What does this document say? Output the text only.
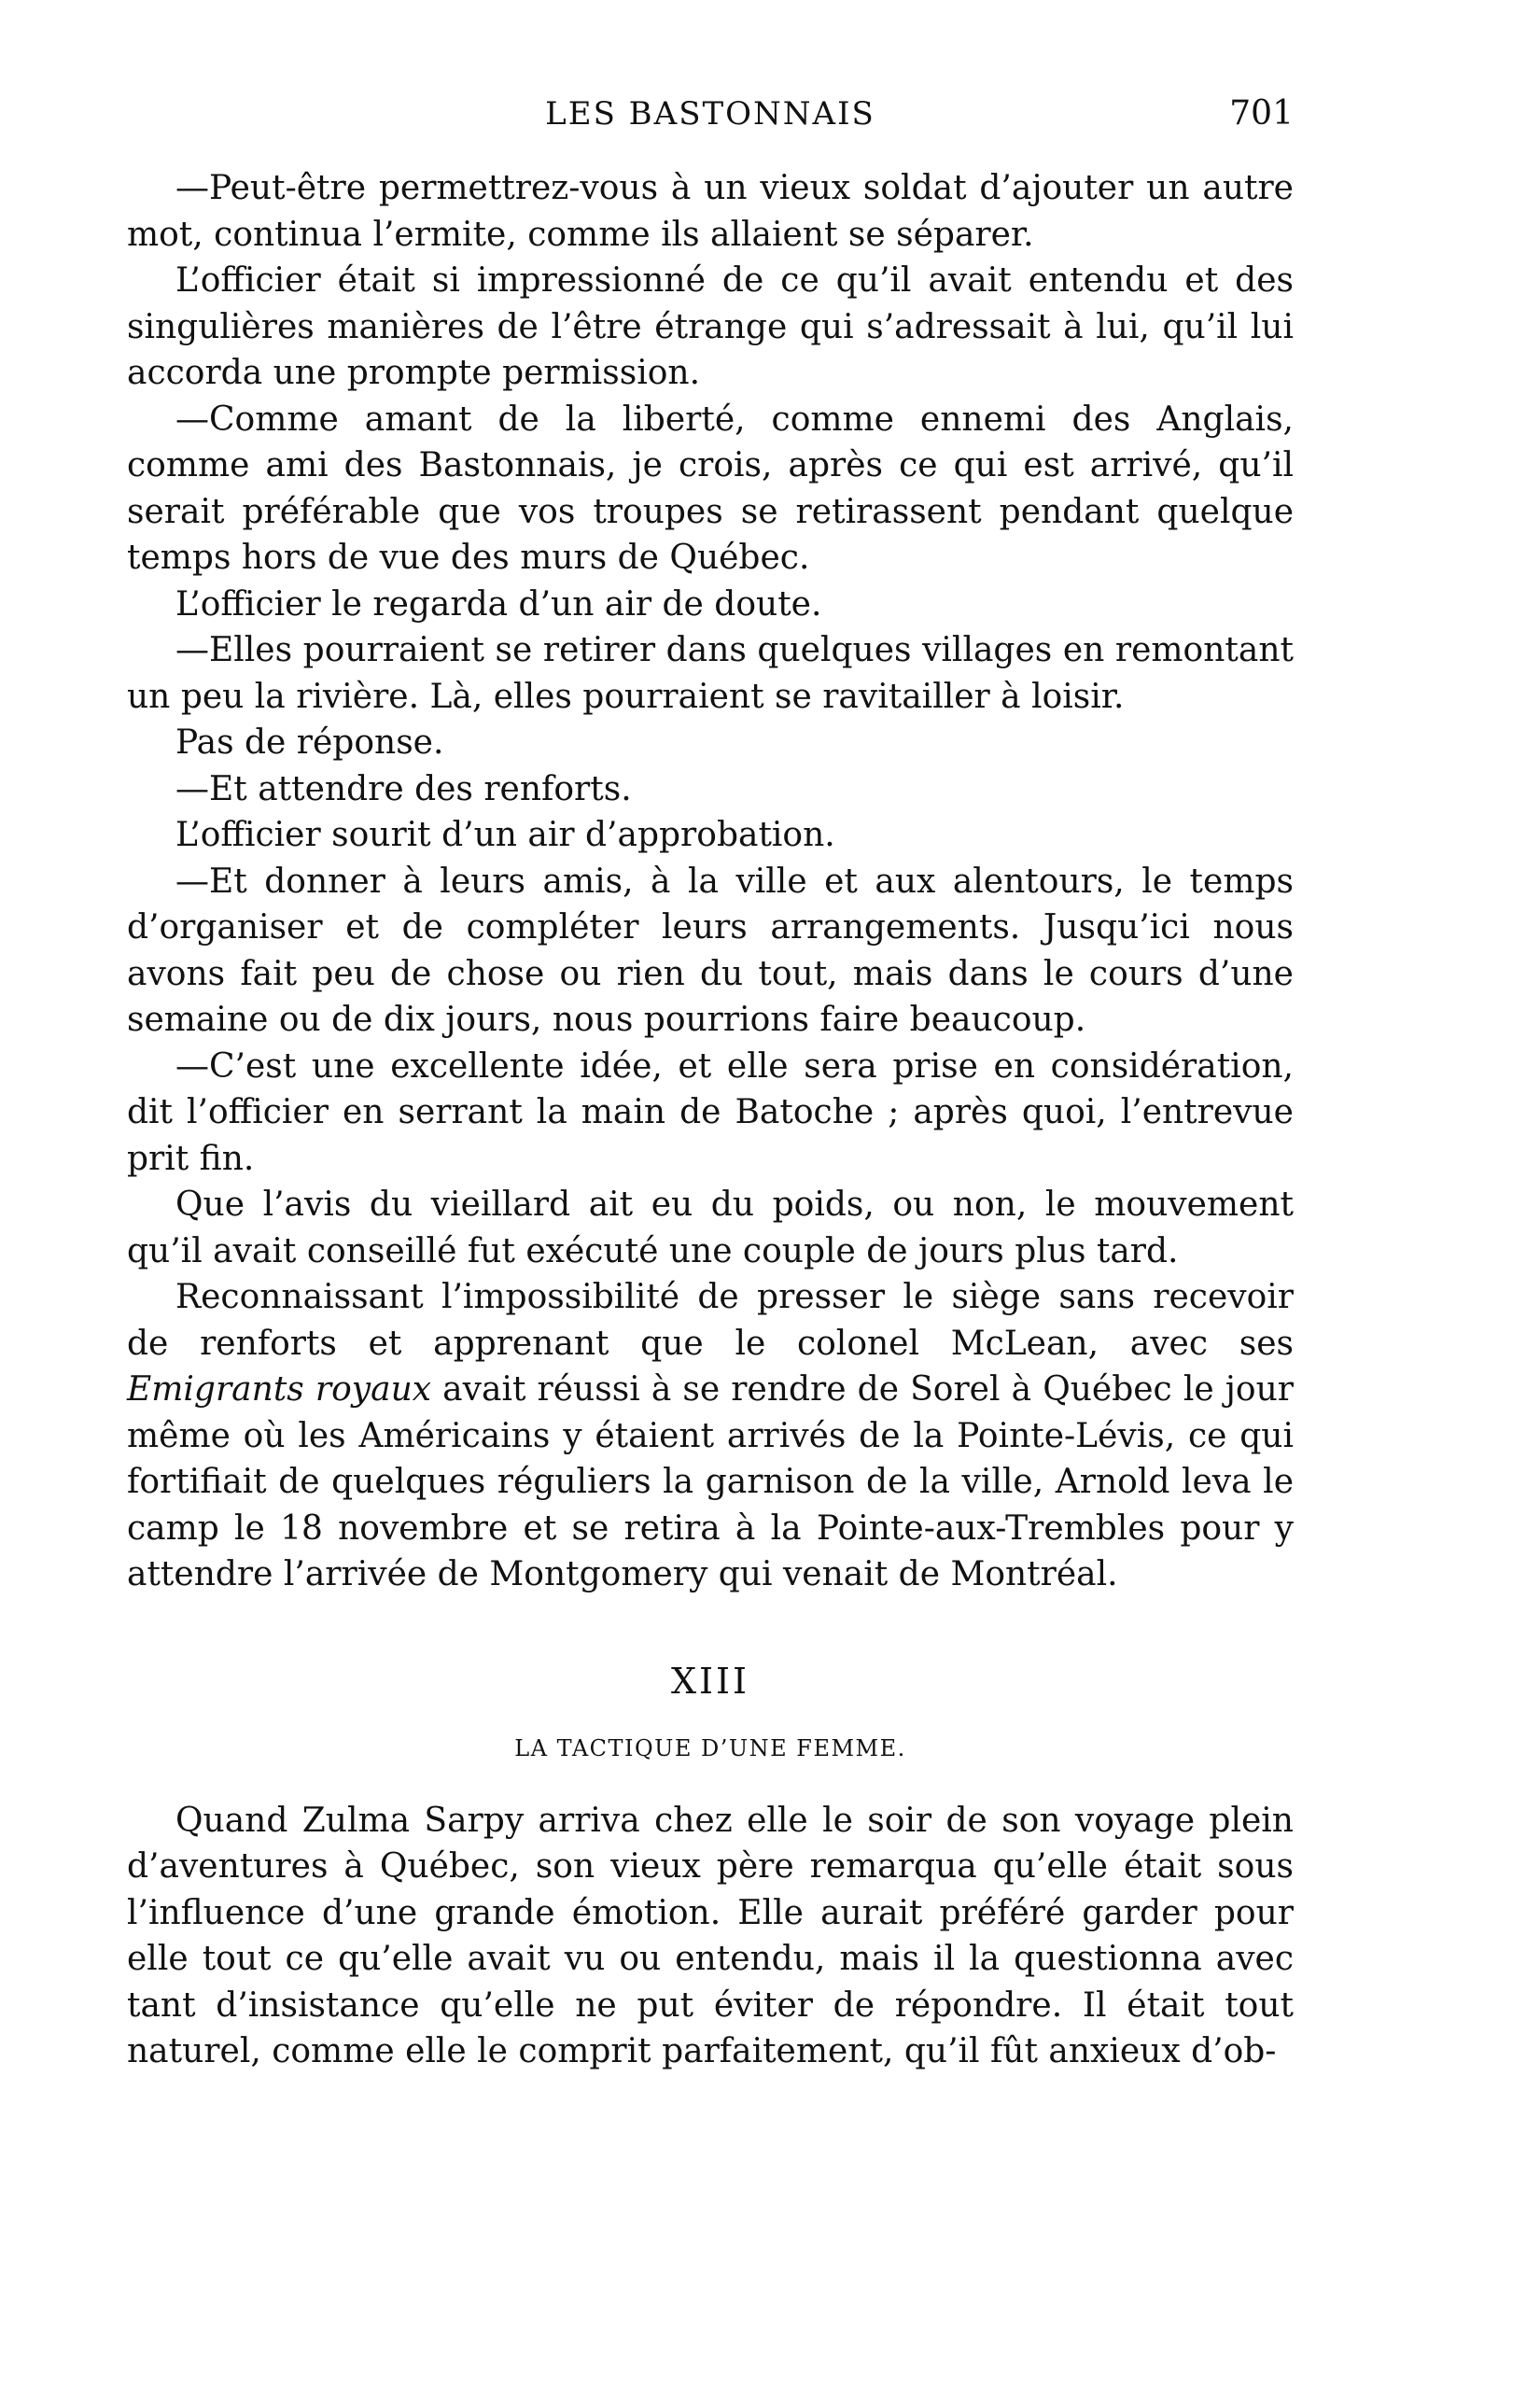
LES BASTONNAIS	701

—Peut-être permettrez-vous à un vieux soldat d’ajouter un autre mot, continua l’ermite, comme ils allaient se séparer.

L’officier était si impressionné de ce qu’il avait entendu et des singulières manières de l’être étrange qui s’adressait à lui, qu’il lui accorda une prompte permission.

—Comme amant de la liberté, comme ennemi des Anglais, comme ami des Bastonnais, je crois, après ce qui est arrivé, qu’il serait préférable que vos troupes se retirassent pendant quelque temps hors de vue des murs de Québec.

L’officier le regarda d’un air de doute.

—Elles pourraient se retirer dans quelques villages en remontant un peu la rivière. Là, elles pourraient se ravitailler à loisir.

Pas de réponse.

—Et attendre des renforts.

L’officier sourit d’un air d’approbation.

—Et donner à leurs amis, à la ville et aux alentours, le temps d’organiser et de compléter leurs arrangements. Jusqu’ici nous avons fait peu de chose ou rien du tout, mais dans le cours d’une semaine ou de dix jours, nous pourrions faire beaucoup.

—C’est une excellente idée, et elle sera prise en considération, dit l’officier en serrant la main de Batoche ; après quoi, l’entrevue prit fin.

Que l’avis du vieillard ait eu du poids, ou non, le mouvement qu’il avait conseillé fut exécuté une couple de jours plus tard.

Reconnaissant l’impossibilité de presser le siège sans recevoir de renforts et apprenant que le colonel McLean, avec ses Emigrants royaux avait réussi à se rendre de Sorel à Québec le jour même où les Américains y étaient arrivés de la Pointe-Lévis, ce qui fortifiait de quelques réguliers la garnison de la ville, Arnold leva le camp le 18 novembre et se retira à la Pointe-aux-Trembles pour y attendre l’arrivée de Montgomery qui venait de Montréal.

XIII
LA TACTIQUE D’UNE FEMME.

Quand Zulma Sarpy arriva chez elle le soir de son voyage plein d’aventures à Québec, son vieux père remarqua qu’elle était sous l’influence d’une grande émotion. Elle aurait préféré garder pour elle tout ce qu’elle avait vu ou entendu, mais il la questionna avec tant d’insistance qu’elle ne put éviter de répondre. Il était tout naturel, comme elle le comprit parfaitement, qu’il fût anxieux d’ob-
